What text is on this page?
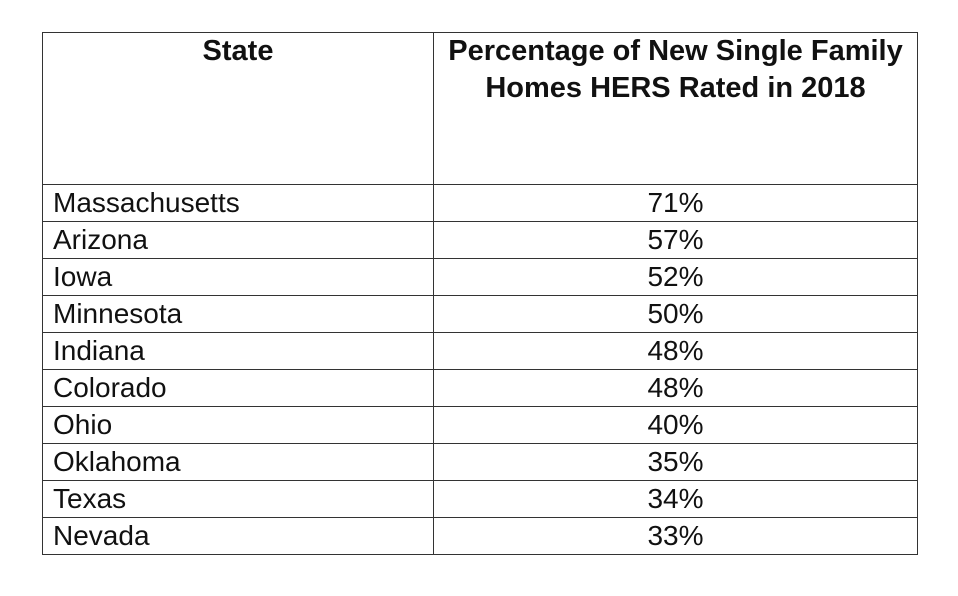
State	Percentage of New Single Family Homes HERS Rated in 2018
Massachusetts	71%
Arizona	57%
Iowa	52%
Minnesota	50%
Indiana	48%
Colorado	48%
Ohio	40%
Oklahoma	35%
Texas	34%
Nevada	33%
